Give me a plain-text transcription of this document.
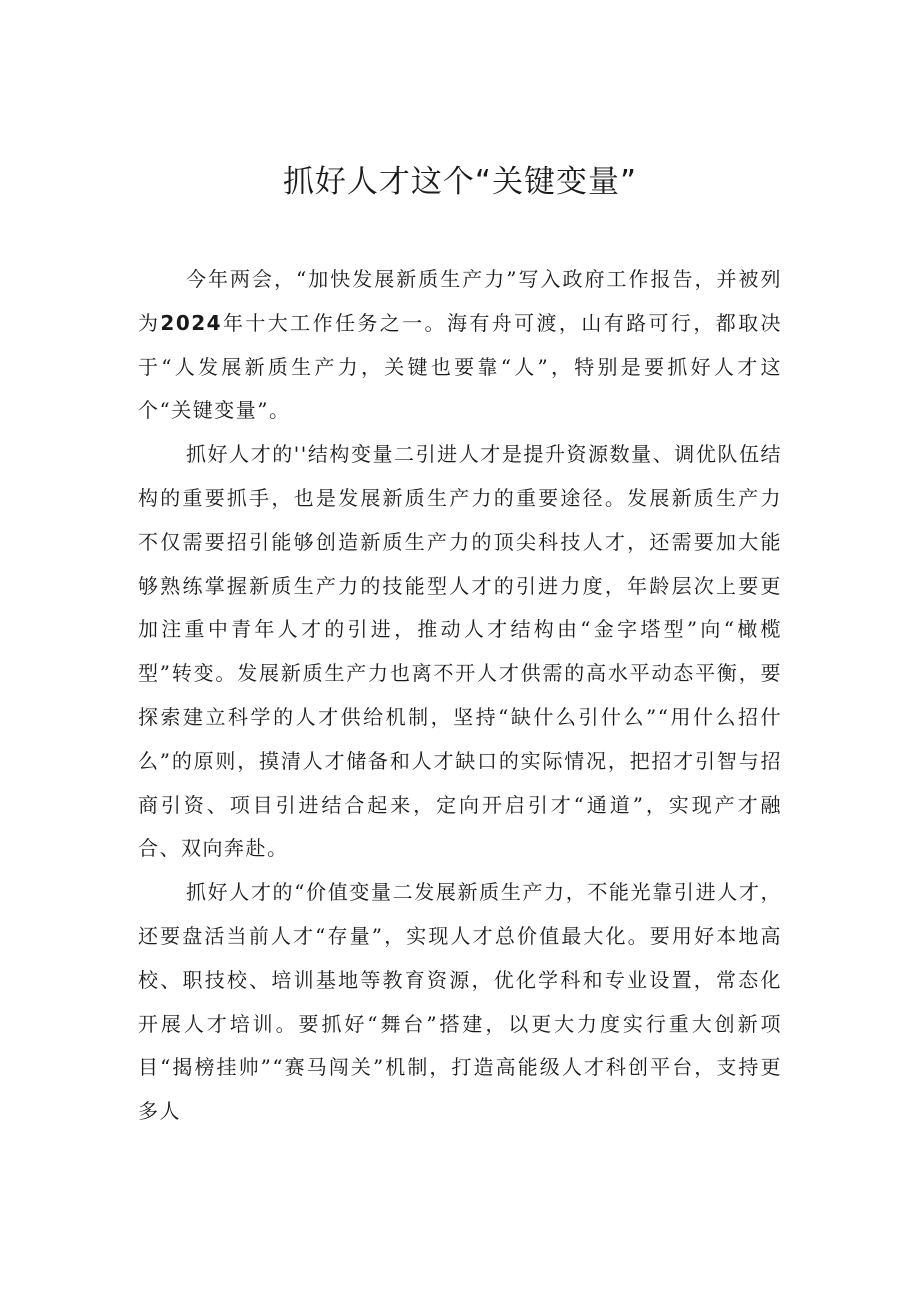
抓好人才这个“关键变量”

今年两会，“加快发展新质生产力”写入政府工作报告，并被列为2024年十大工作任务之一。海有舟可渡，山有路可行，都取决于“人发展新质生产力，关键也要靠“人”，特别是要抓好人才这个“关键变量”。

抓好人才的''结构变量二引进人才是提升资源数量、调优队伍结构的重要抓手，也是发展新质生产力的重要途径。发展新质生产力不仅需要招引能够创造新质生产力的顶尖科技人才，还需要加大能够熟练掌握新质生产力的技能型人才的引进力度，年龄层次上要更加注重中青年人才的引进，推动人才结构由“金字塔型”向“橄榄型”转变。发展新质生产力也离不开人才供需的高水平动态平衡，要探索建立科学的人才供给机制，坚持“缺什么引什么”“用什么招什么”的原则，摸清人才储备和人才缺口的实际情况，把招才引智与招商引资、项目引进结合起来，定向开启引才“通道”，实现产才融合、双向奔赴。

抓好人才的“价值变量二发展新质生产力，不能光靠引进人才，还要盘活当前人才“存量”，实现人才总价值最大化。要用好本地高校、职技校、培训基地等教育资源，优化学科和专业设置，常态化开展人才培训。要抓好“舞台”搭建，以更大力度实行重大创新项目“揭榜挂帅”“赛马闯关”机制，打造高能级人才科创平台，支持更多人
